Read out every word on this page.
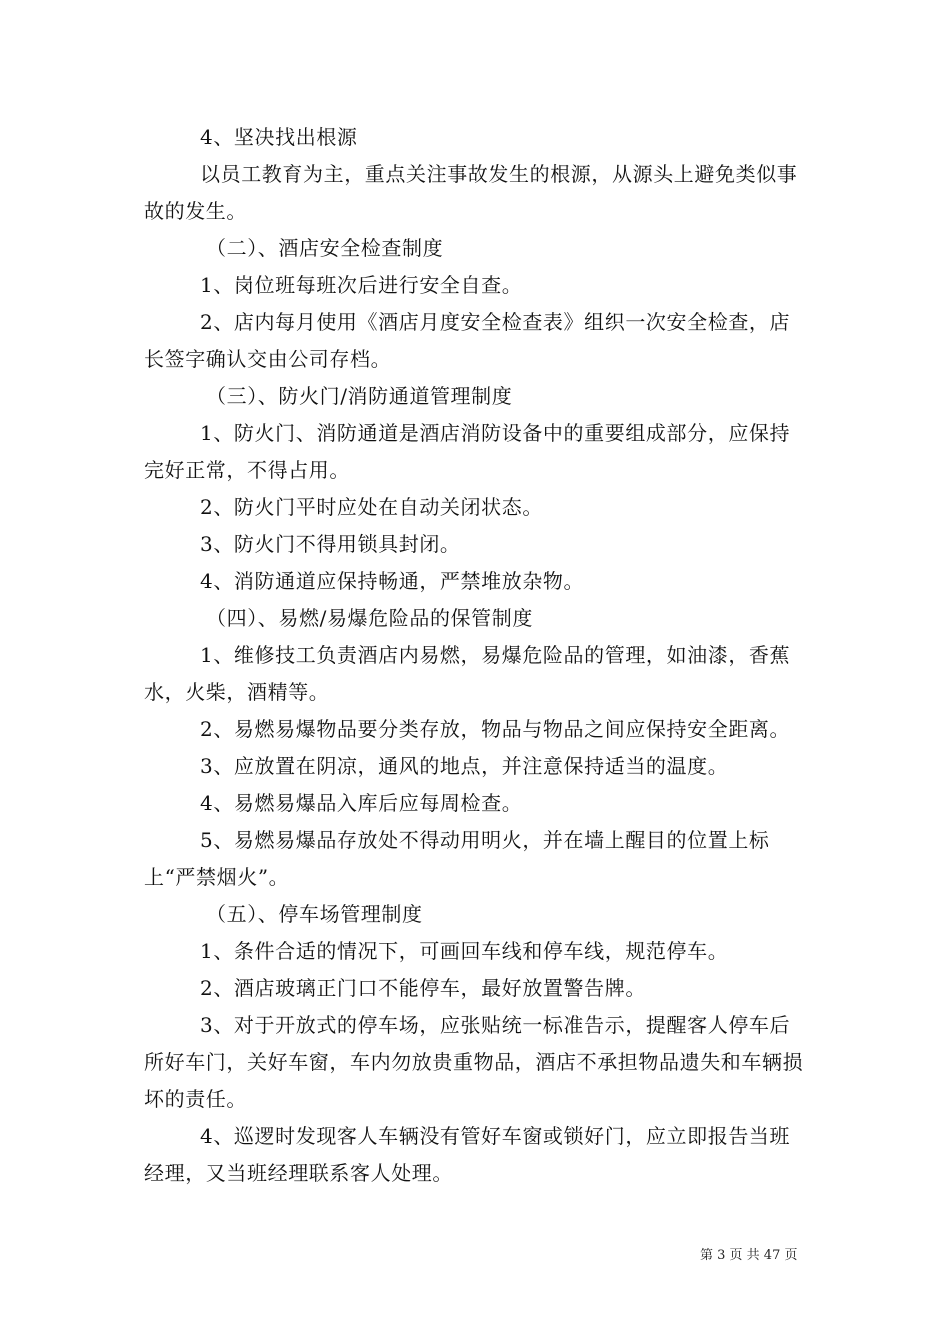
4、坚决找出根源

以员工教育为主，重点关注事故发生的根源，从源头上避免类似事故的发生。

（二）、酒店安全检查制度

1、岗位班每班次后进行安全自查。

2、店内每月使用《酒店月度安全检查表》组织一次安全检查，店长签字确认交由公司存档。

（三）、防火门/消防通道管理制度

1、防火门、消防通道是酒店消防设备中的重要组成部分，应保持完好正常，不得占用。

2、防火门平时应处在自动关闭状态。

3、防火门不得用锁具封闭。

4、消防通道应保持畅通，严禁堆放杂物。

（四）、易燃/易爆危险品的保管制度

1、维修技工负责酒店内易燃，易爆危险品的管理，如油漆，香蕉水，火柴，酒精等。

2、易燃易爆物品要分类存放，物品与物品之间应保持安全距离。

3、应放置在阴凉，通风的地点，并注意保持适当的温度。

4、易燃易爆品入库后应每周检查。

5、易燃易爆品存放处不得动用明火，并在墙上醒目的位置上标上“严禁烟火”。

（五）、停车场管理制度

1、条件合适的情况下，可画回车线和停车线，规范停车。

2、酒店玻璃正门口不能停车，最好放置警告牌。

3、对于开放式的停车场，应张贴统一标准告示，提醒客人停车后所好车门，关好车窗，车内勿放贵重物品，酒店不承担物品遗失和车辆损坏的责任。

4、巡逻时发现客人车辆没有管好车窗或锁好门，应立即报告当班经理，又当班经理联系客人处理。

第 3 页 共 47 页
